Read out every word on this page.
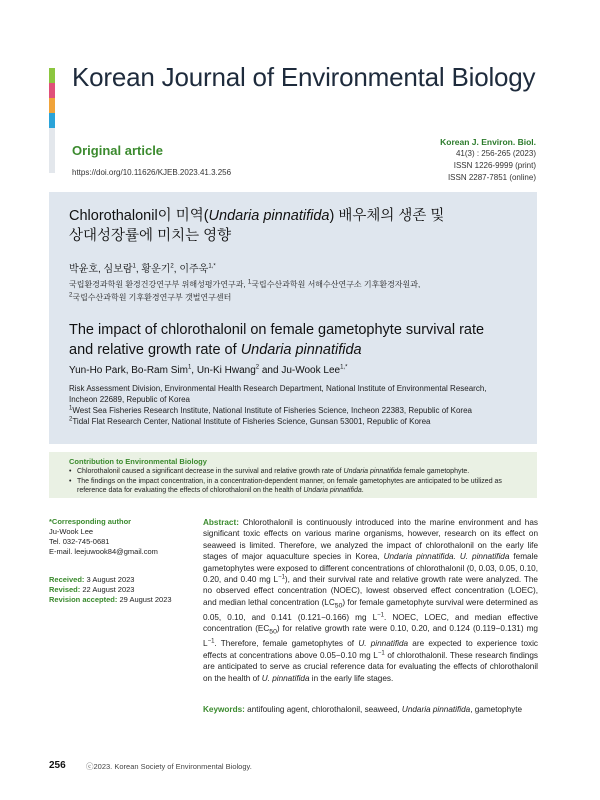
Korean Journal of Environmental Biology
Original article
https://doi.org/10.11626/KJEB.2023.41.3.256
Korean J. Environ. Biol.
41(3) : 256-265 (2023)
ISSN 1226-9999 (print)
ISSN 2287-7851 (online)
Chlorothalonil이 미역(Undaria pinnatifida) 배우체의 생존 및
상대성장률에 미치는 영향
박윤호, 심보람$^1$, 황운기$^2$, 이주욱$^{1,*}$
국립환경과학원 환경건강연구부 위해성평가연구과, $^1$국립수산과학원 서해수산연구소 기후환경자원과,
$^2$국립수산과학원 기후환경연구부 갯벌연구센터
The impact of chlorothalonil on female gametophyte survival rate
and relative growth rate of Undaria pinnatifida
Yun-Ho Park, Bo-Ram Sim$^1$, Un-Ki Hwang$^2$ and Ju-Wook Lee$^{1,*}$
Risk Assessment Division, Environmental Health Research Department, National Institute of Environmental Research,
Incheon 22689, Republic of Korea
$^1$West Sea Fisheries Research Institute, National Institute of Fisheries Science, Incheon 22383, Republic of Korea
$^2$Tidal Flat Research Center, National Institute of Fisheries Science, Gunsan 53001, Republic of Korea
Contribution to Environmental Biology
• Chlorothalonil caused a significant decrease in the survival and relative growth rate of Undaria pinnatifida female gametophyte.
• The findings on the impact concentration, in a concentration-dependent manner, on female gametophytes are anticipated to be utilized as reference data for evaluating the effects of chlorothalonil on the health of Undaria pinnatifida.
*Corresponding author
Ju-Wook Lee
Tel. 032-745-0681
E-mail. leejuwook84@gmail.com
Received: 3 August 2023
Revised: 22 August 2023
Revision accepted: 29 August 2023
Abstract: Chlorothalonil is continuously introduced into the marine environment and has significant toxic effects on various marine organisms, however, research on its effect on seaweed is limited. Therefore, we analyzed the impact of chlorothalonil on the early life stages of major aquaculture species in Korea, Undaria pinnatifida. U. pinnatifida female gametophytes were exposed to different concentrations of chlorothalonil (0, 0.03, 0.05, 0.10, 0.20, and 0.40 mg $L^{-1}$), and their survival rate and relative growth rate were analyzed. The no observed effect concentration (NOEC), lowest observed effect concentration (LOEC), and median lethal concentration $(LC_{50})$ for female gametophyte survival were determined as 0.05, 0.10, and 0.141 (0.121−0.166) mg $L^{-1}$. NOEC, LOEC, and median effective concentration $(EC_{50})$ for relative growth rate were 0.10, 0.20, and 0.124 (0.119−0.131) mg $L^{-1}$. Therefore, female gametophytes of U. pinnatifida are expected to experience toxic effects at concentrations above 0.05−0.10 mg $L^{-1}$ of chlorothalonil. These research findings are anticipated to serve as crucial reference data for evaluating the effects of chlorothalonil on the health of U. pinnatifida in the early life stages.
Keywords: antifouling agent, chlorothalonil, seaweed, Undaria pinnatifida, gametophyte
256	ⓒ2023. Korean Society of Environmental Biology.
